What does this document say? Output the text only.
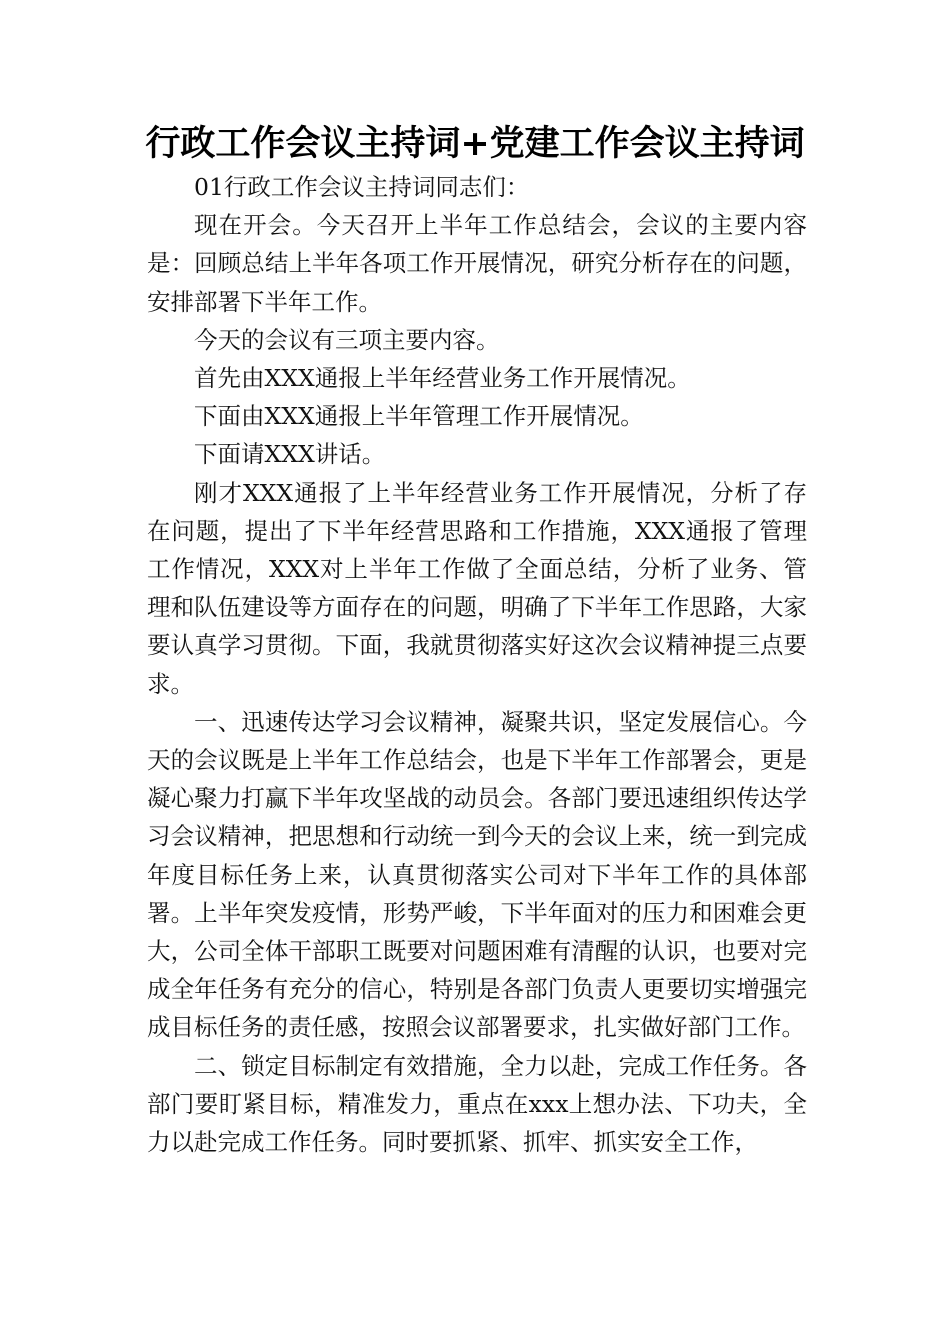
行政工作会议主持词+党建工作会议主持词

01行政工作会议主持词同志们：

现在开会。今天召开上半年工作总结会，会议的主要内容是：回顾总结上半年各项工作开展情况，研究分析存在的问题，安排部署下半年工作。

今天的会议有三项主要内容。

首先由XXX通报上半年经营业务工作开展情况。

下面由XXX通报上半年管理工作开展情况。

下面请XXX讲话。

刚才XXX通报了上半年经营业务工作开展情况，分析了存在问题，提出了下半年经营思路和工作措施，XXX通报了管理工作情况，XXX对上半年工作做了全面总结，分析了业务、管理和队伍建设等方面存在的问题，明确了下半年工作思路，大家要认真学习贯彻。下面，我就贯彻落实好这次会议精神提三点要求。

一、迅速传达学习会议精神，凝聚共识，坚定发展信心。今天的会议既是上半年工作总结会，也是下半年工作部署会，更是凝心聚力打赢下半年攻坚战的动员会。各部门要迅速组织传达学习会议精神，把思想和行动统一到今天的会议上来，统一到完成年度目标任务上来，认真贯彻落实公司对下半年工作的具体部署。上半年突发疫情，形势严峻，下半年面对的压力和困难会更大，公司全体干部职工既要对问题困难有清醒的认识，也要对完成全年任务有充分的信心，特别是各部门负责人更要切实增强完成目标任务的责任感，按照会议部署要求，扎实做好部门工作。

二、锁定目标制定有效措施，全力以赴，完成工作任务。各部门要盯紧目标，精准发力，重点在xxx上想办法、下功夫，全力以赴完成工作任务。同时要抓紧、抓牢、抓实安全工作，
